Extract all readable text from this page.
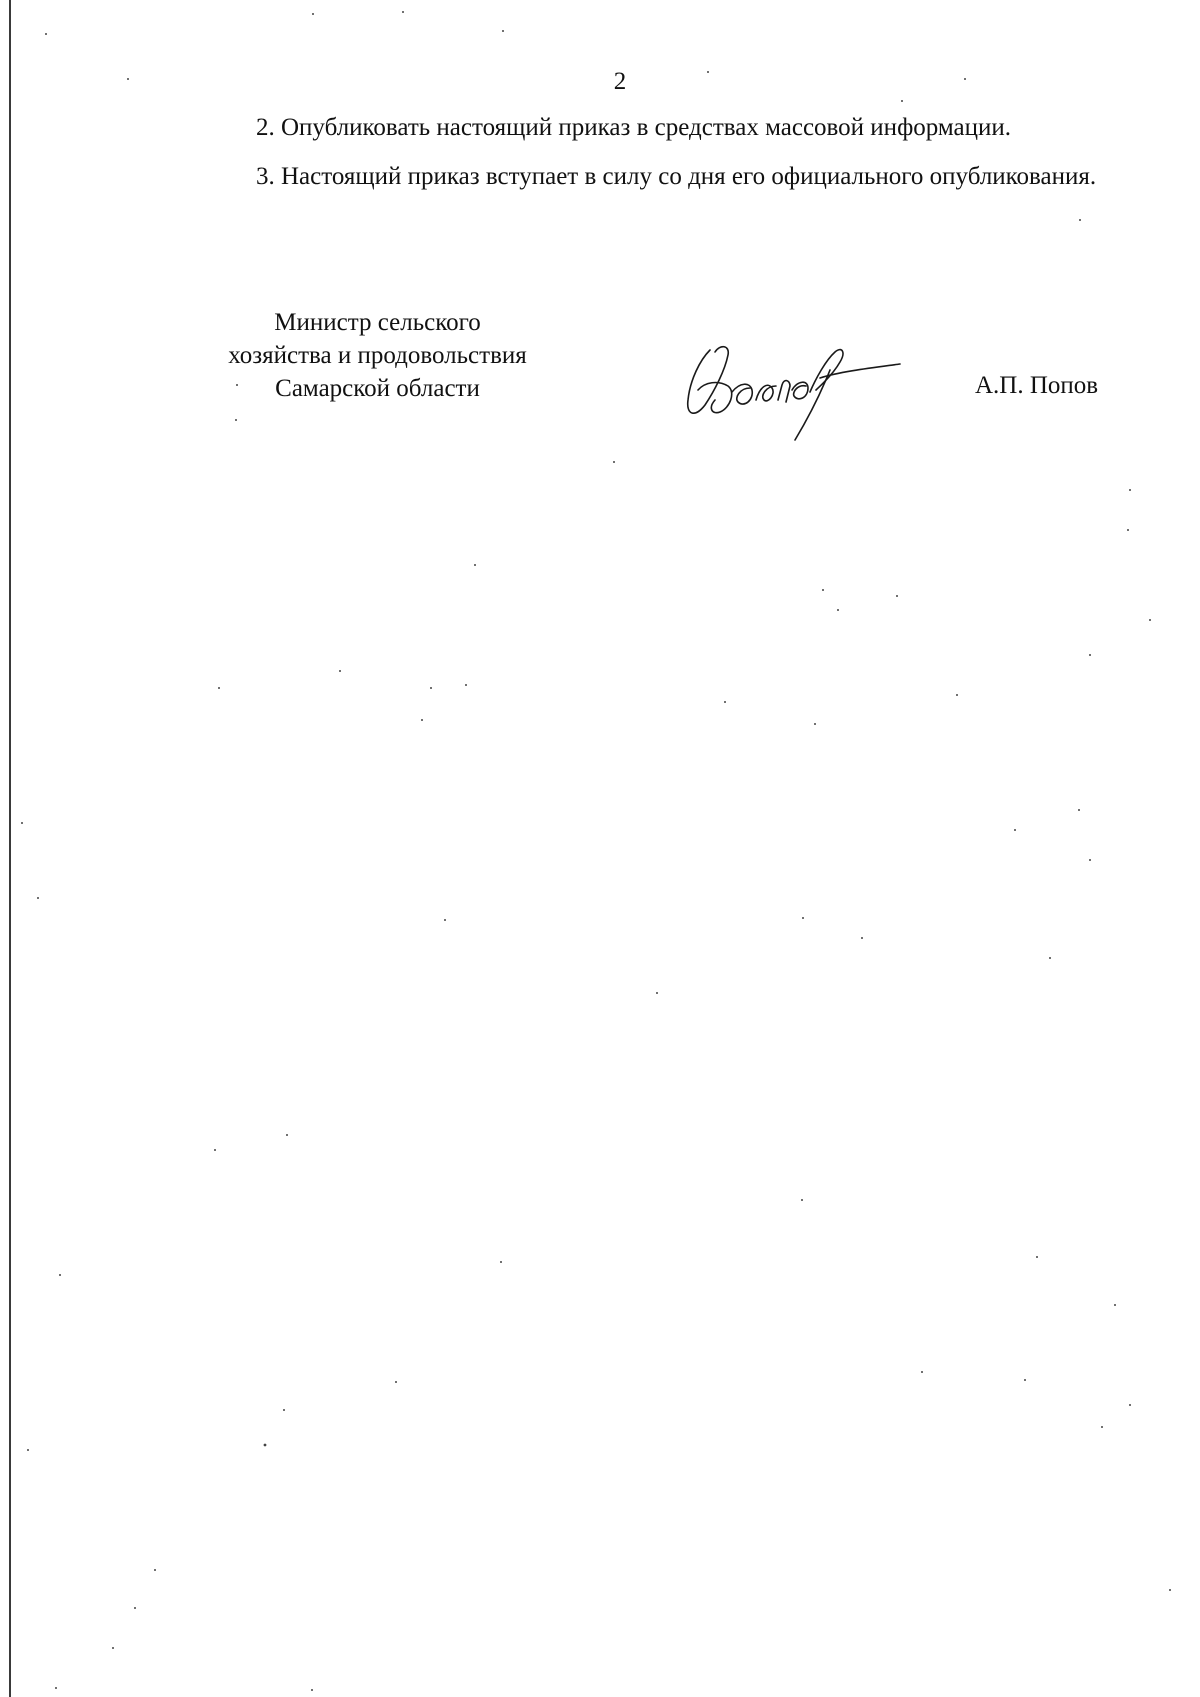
2
2. Опубликовать настоящий приказ в средствах массовой информации.
3. Настоящий приказ вступает в силу со дня его официального опубликования.
Министр сельского
хозяйства и продовольствия
Самарской области	А.П. Попов
